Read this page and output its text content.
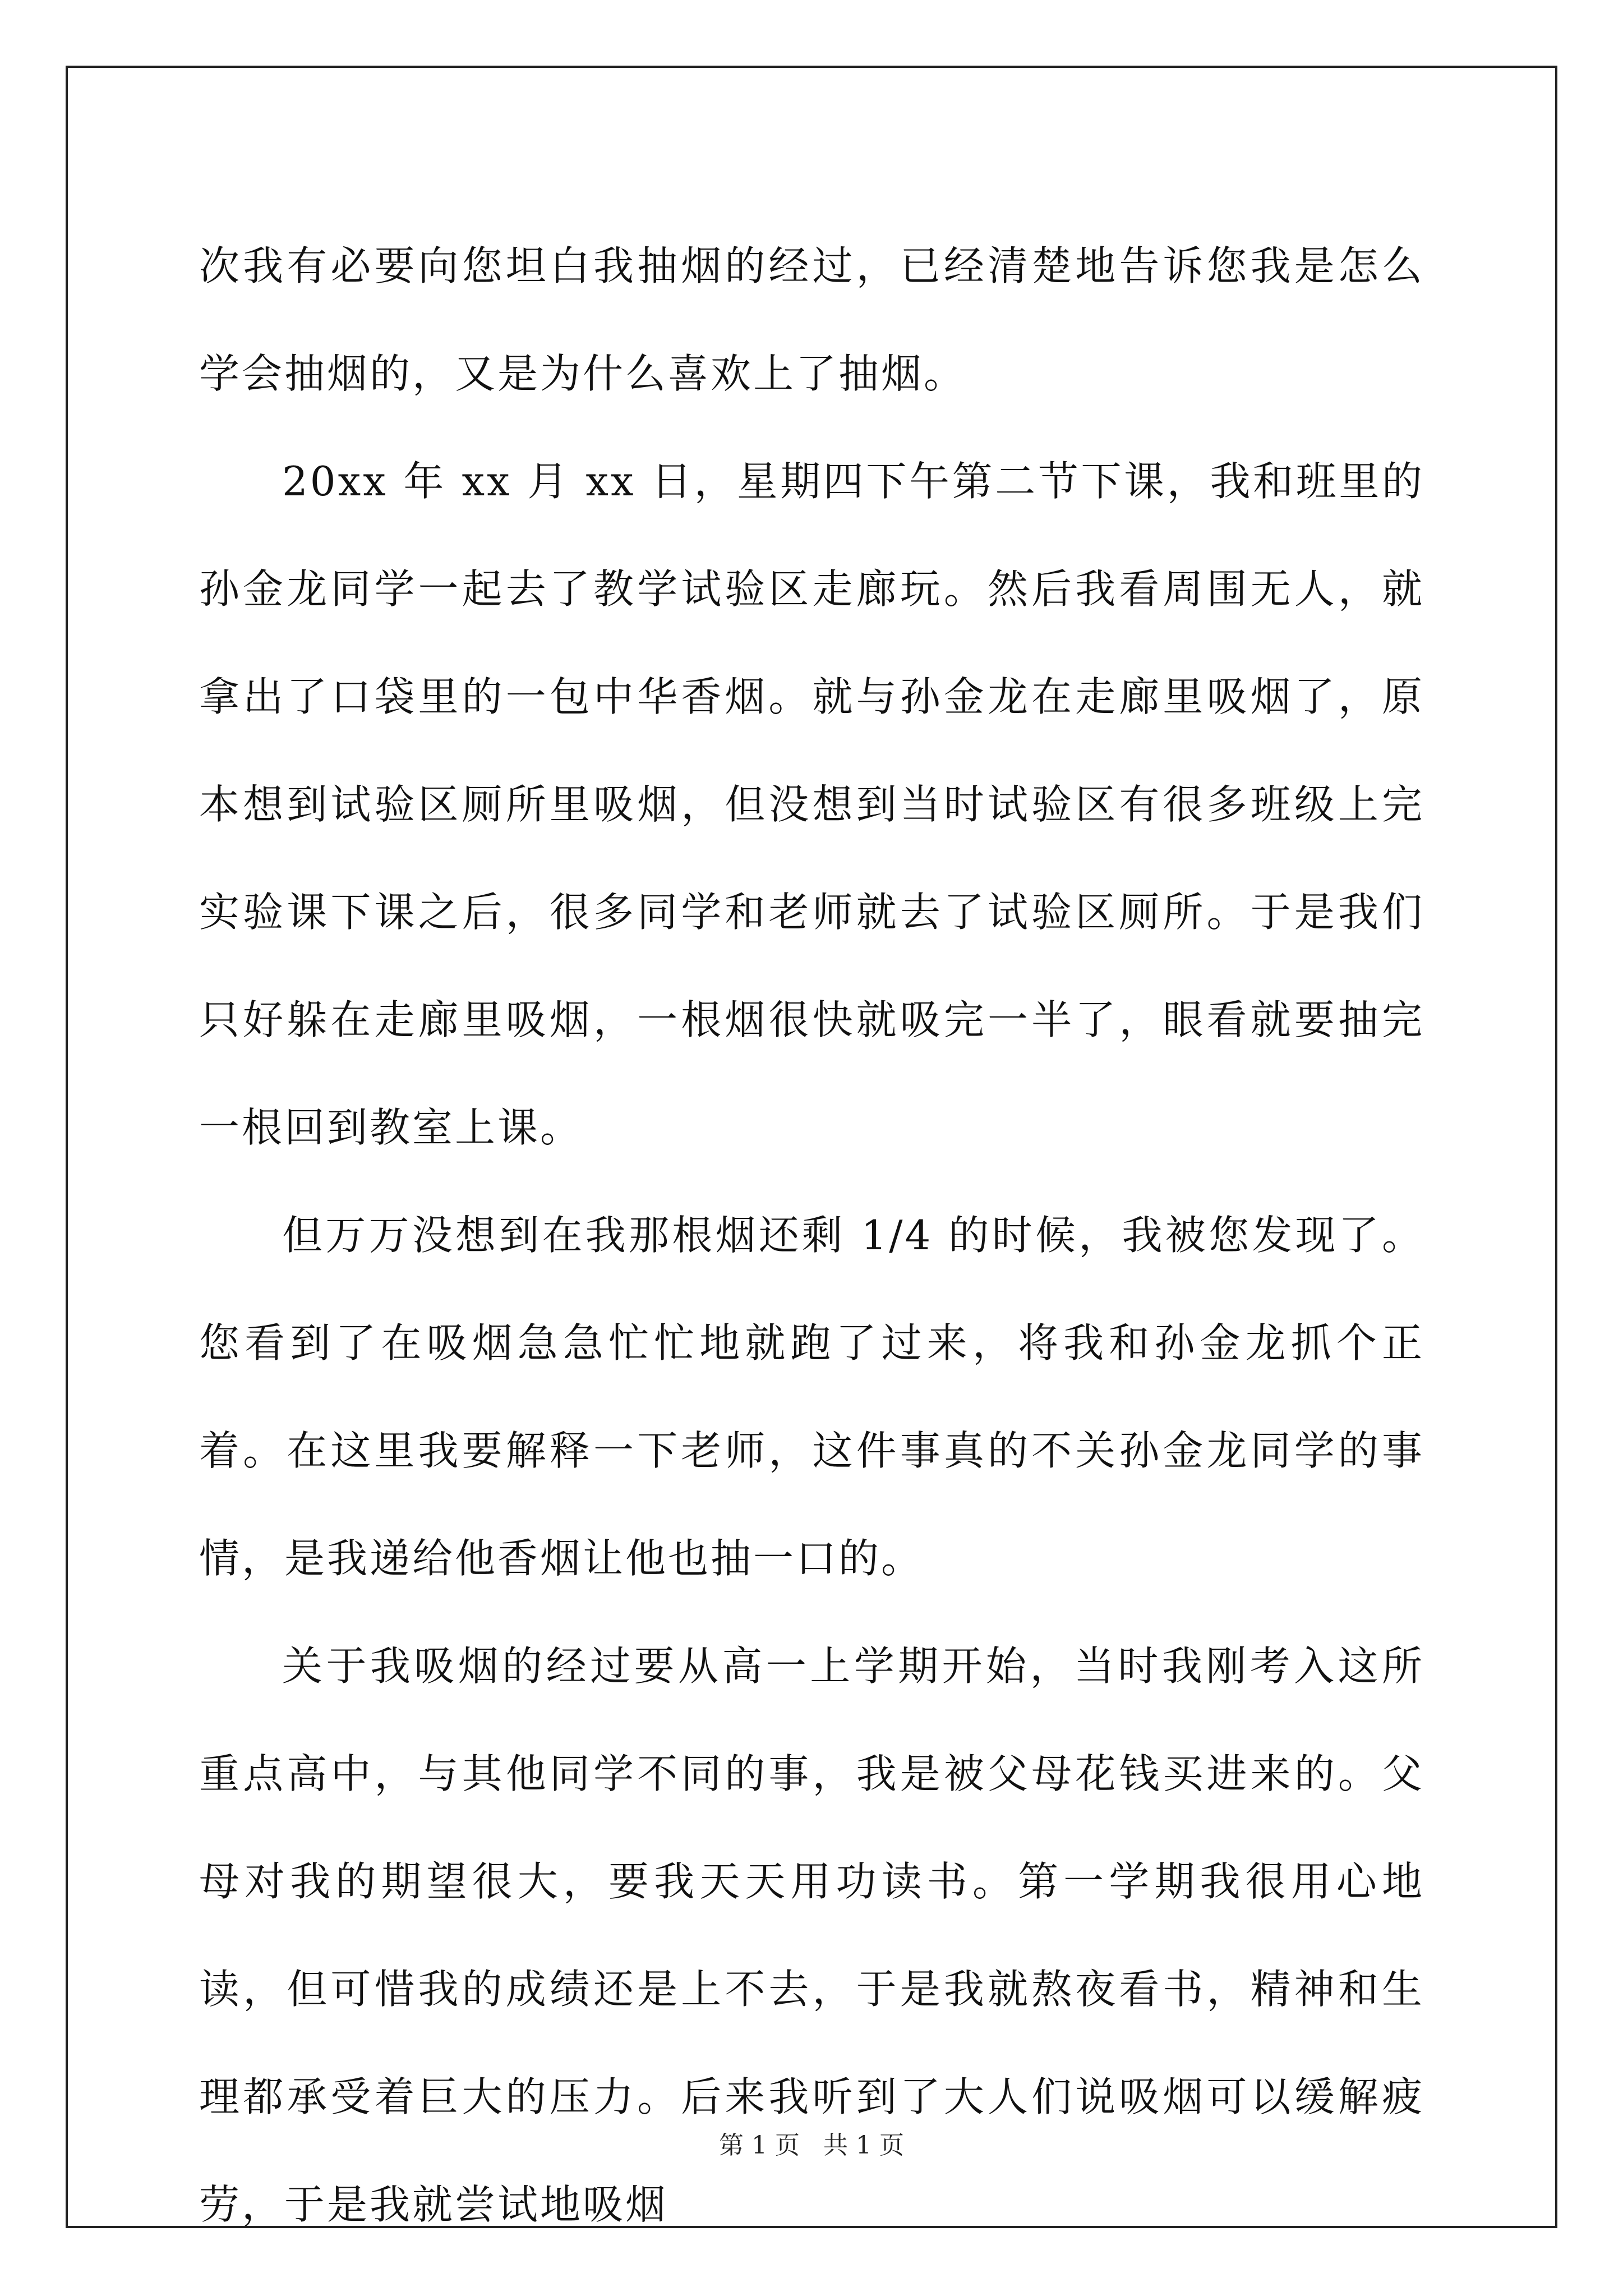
次我有必要向您坦白我抽烟的经过，已经清楚地告诉您我是怎么学会抽烟的，又是为什么喜欢上了抽烟。

20xx 年 xx 月 xx 日，星期四下午第二节下课，我和班里的孙金龙同学一起去了教学试验区走廊玩。然后我看周围无人，就拿出了口袋里的一包中华香烟。就与孙金龙在走廊里吸烟了，原本想到试验区厕所里吸烟，但没想到当时试验区有很多班级上完实验课下课之后，很多同学和老师就去了试验区厕所。于是我们只好躲在走廊里吸烟，一根烟很快就吸完一半了，眼看就要抽完一根回到教室上课。

但万万没想到在我那根烟还剩 1/4 的时候，我被您发现了。您看到了在吸烟急急忙忙地就跑了过来，将我和孙金龙抓个正着。在这里我要解释一下老师，这件事真的不关孙金龙同学的事情，是我递给他香烟让他也抽一口的。

关于我吸烟的经过要从高一上学期开始，当时我刚考入这所重点高中，与其他同学不同的事，我是被父母花钱买进来的。父母对我的期望很大，要我天天用功读书。第一学期我很用心地读，但可惜我的成绩还是上不去，于是我就熬夜看书，精神和生理都承受着巨大的压力。后来我听到了大人们说吸烟可以缓解疲劳，于是我就尝试地吸烟

第 1 页 共 1 页
